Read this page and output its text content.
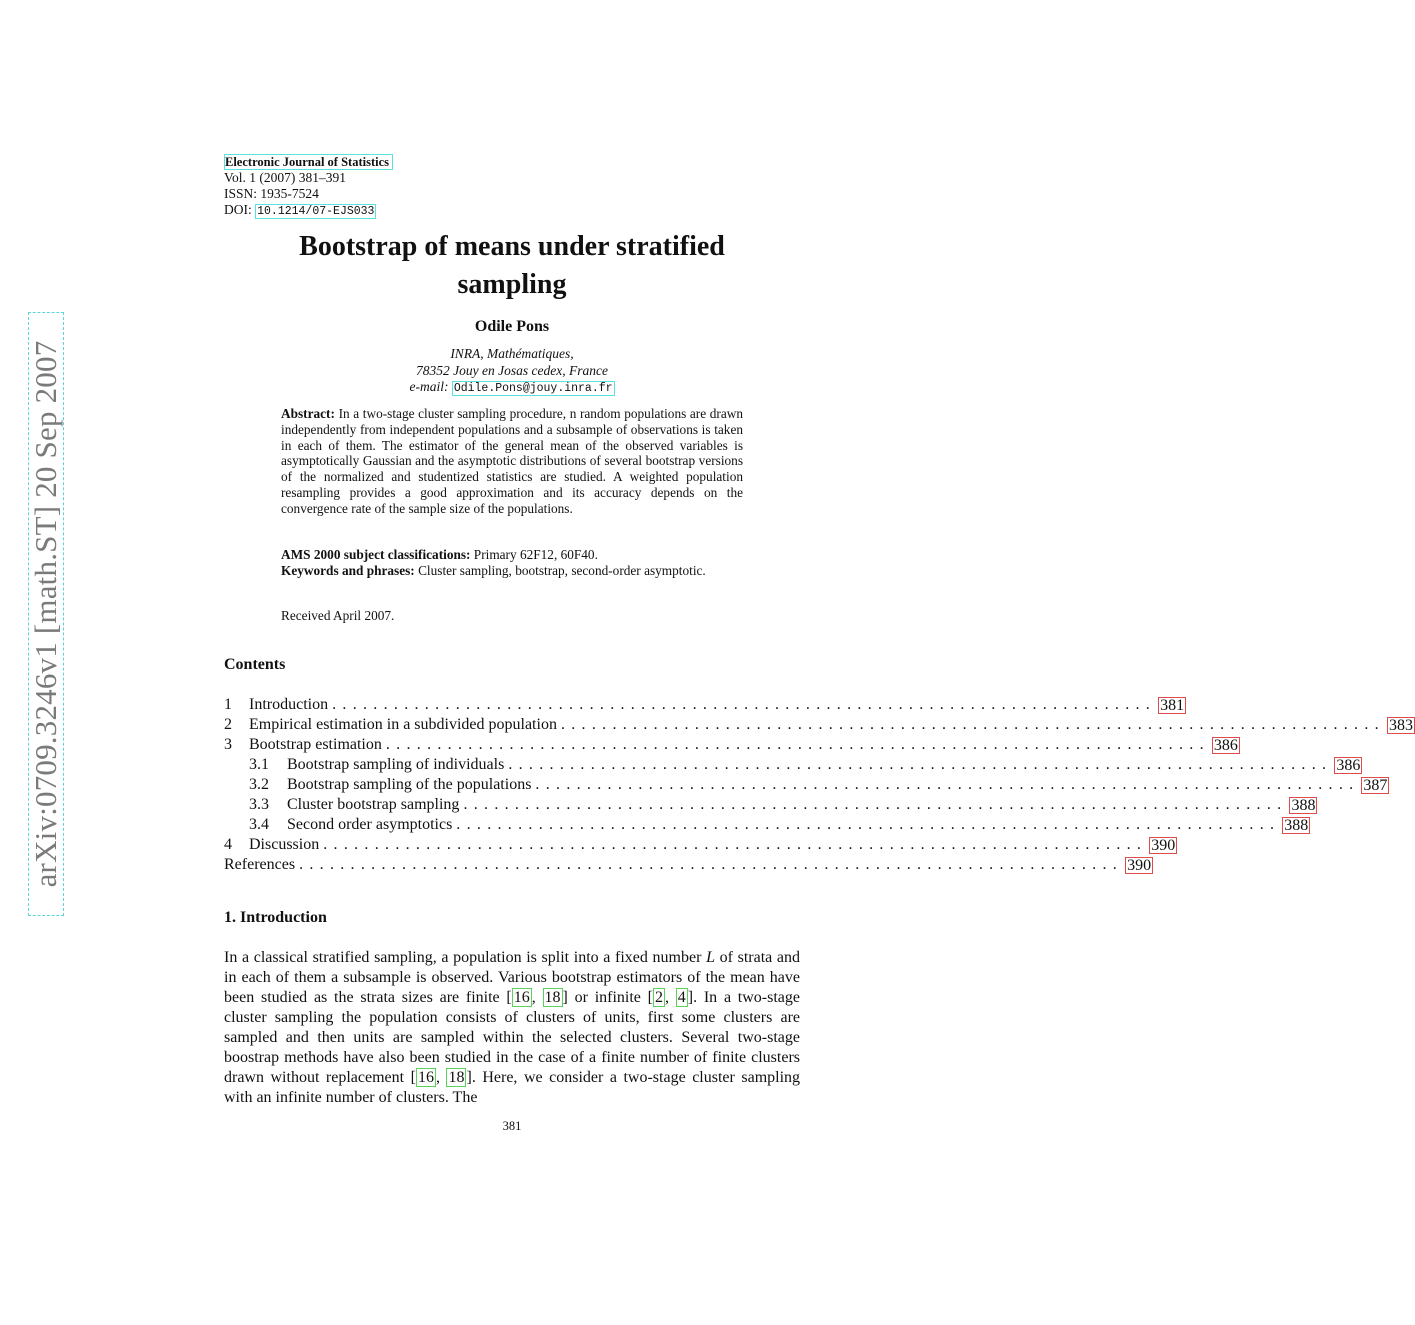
arXiv:0709.3246v1 [math.ST] 20 Sep 2007
Electronic Journal of Statistics
Vol. 1 (2007) 381–391
ISSN: 1935-7524
DOI: 10.1214/07-EJS033
Bootstrap of means under stratified
sampling
Odile Pons
INRA, Mathématiques,
78352 Jouy en Josas cedex, France
e-mail: Odile.Pons@jouy.inra.fr

Abstract: In a two-stage cluster sampling procedure, n random populations are drawn independently from independent populations and a subsample of observations is taken in each of them. The estimator of the general mean of the observed variables is asymptotically Gaussian and the asymptotic distributions of several bootstrap versions of the normalized and studentized statistics are studied. A weighted population resampling provides a good approximation and its accuracy depends on the convergence rate of the sample size of the populations.

AMS 2000 subject classifications: Primary 62F12, 60F40.

Keywords and phrases: Cluster sampling, bootstrap, second-order asymptotic.

Received April 2007.
Contents
1	Introduction ................................................................................ 381
2	Empirical estimation in a subdivided population ................................................................................ 383
3	Bootstrap estimation ................................................................................ 386
3.1	Bootstrap sampling of individuals ................................................................................ 386
3.2	Bootstrap sampling of the populations ................................................................................ 387
3.3	Cluster bootstrap sampling ................................................................................ 388
3.4	Second order asymptotics ................................................................................ 388
4	Discussion ................................................................................ 390
References ................................................................................ 390
1. Introduction

In a classical stratified sampling, a population is split into a fixed number L of strata and in each of them a subsample is observed. Various bootstrap estimators of the mean have been studied as the strata sizes are finite [ 16 , 18 ] or infinite [ 2 , 4 ]. In a two-stage cluster sampling the population consists of clusters of units, first some clusters are sampled and then units are sampled within the selected clusters. Several two-stage boostrap methods have also been studied in the case of a finite number of finite clusters drawn without replacement [ 16 , 18 ]. Here, we consider a two-stage cluster sampling with an infinite number of clusters. The

381
